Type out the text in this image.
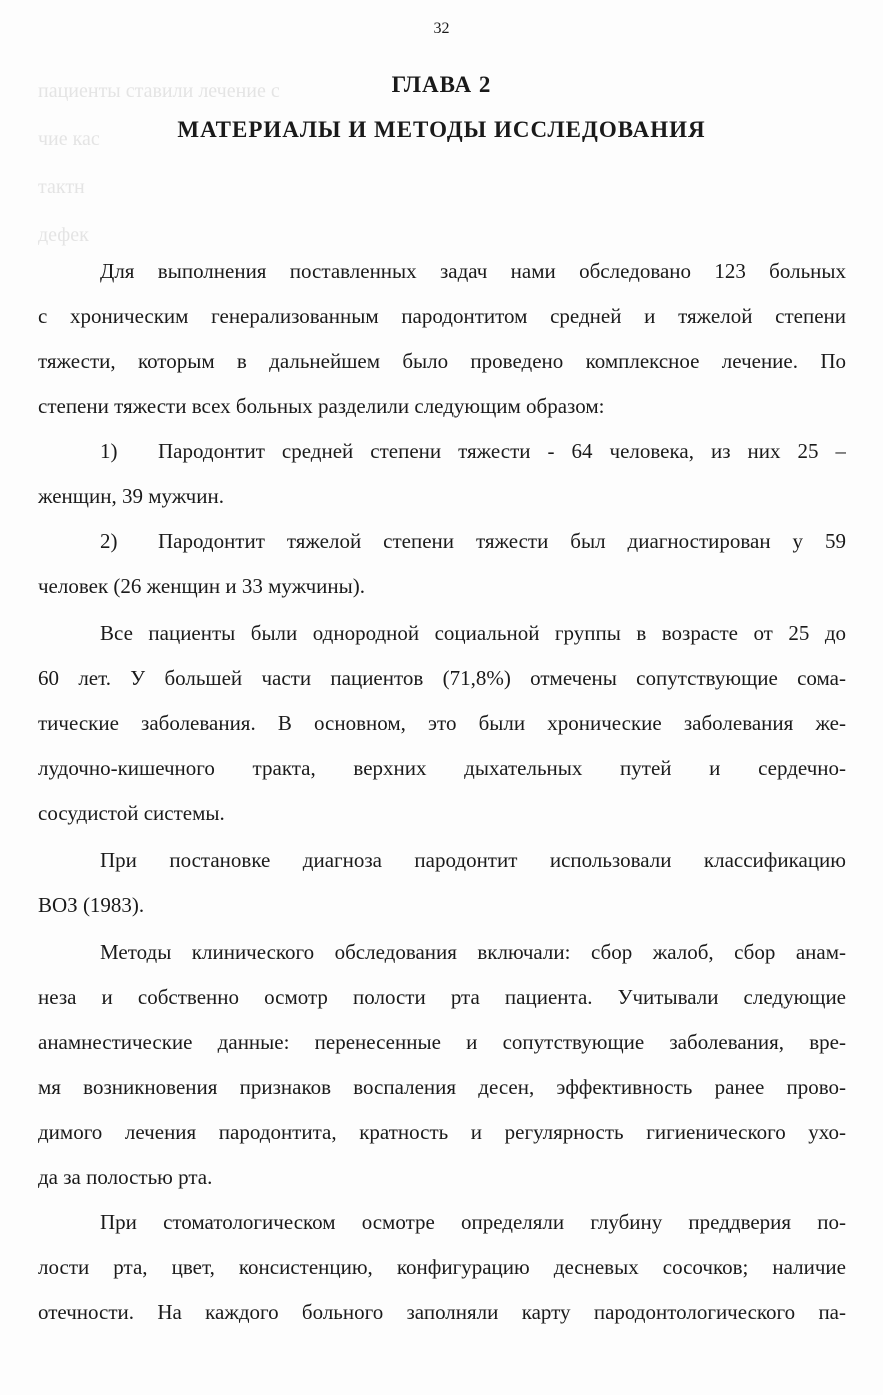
пациенты ставили лечение с
чие кас
тактн
дефек
32
ГЛАВА 2
МАТЕРИАЛЫ И МЕТОДЫ ИССЛЕДОВАНИЯ
Для выполнения поставленных задач нами обследовано 123 больных
с хроническим генерализованным пародонтитом средней и тяжелой степени
тяжести, которым в дальнейшем было проведено комплексное лечение. По
степени тяжести всех больных разделили следующим образом:
1)	Пародонтит средней степени тяжести - 64 человека, из них 25 –
женщин, 39 мужчин.
2)	Пародонтит тяжелой степени тяжести был диагностирован у 59
человек (26 женщин и 33 мужчины).
Все пациенты были однородной социальной группы в возрасте от 25 до
60 лет. У большей части пациентов (71,8%) отмечены сопутствующие сома-
тические заболевания. В основном, это были хронические заболевания же-
лудочно-кишечного тракта, верхних дыхательных путей и сердечно-
сосудистой системы.
При постановке диагноза пародонтит использовали классификацию
ВОЗ (1983).
Методы клинического обследования включали: сбор жалоб, сбор анам-
неза и собственно осмотр полости рта пациента. Учитывали следующие
анамнестические данные: перенесенные и сопутствующие заболевания, вре-
мя возникновения признаков воспаления десен, эффективность ранее прово-
димого лечения пародонтита, кратность и регулярность гигиенического ухо-
да за полостью рта.
При стоматологическом осмотре определяли глубину преддверия по-
лости рта, цвет, консистенцию, конфигурацию десневых сосочков; наличие
отечности. На каждого больного заполняли карту пародонтологического па-
